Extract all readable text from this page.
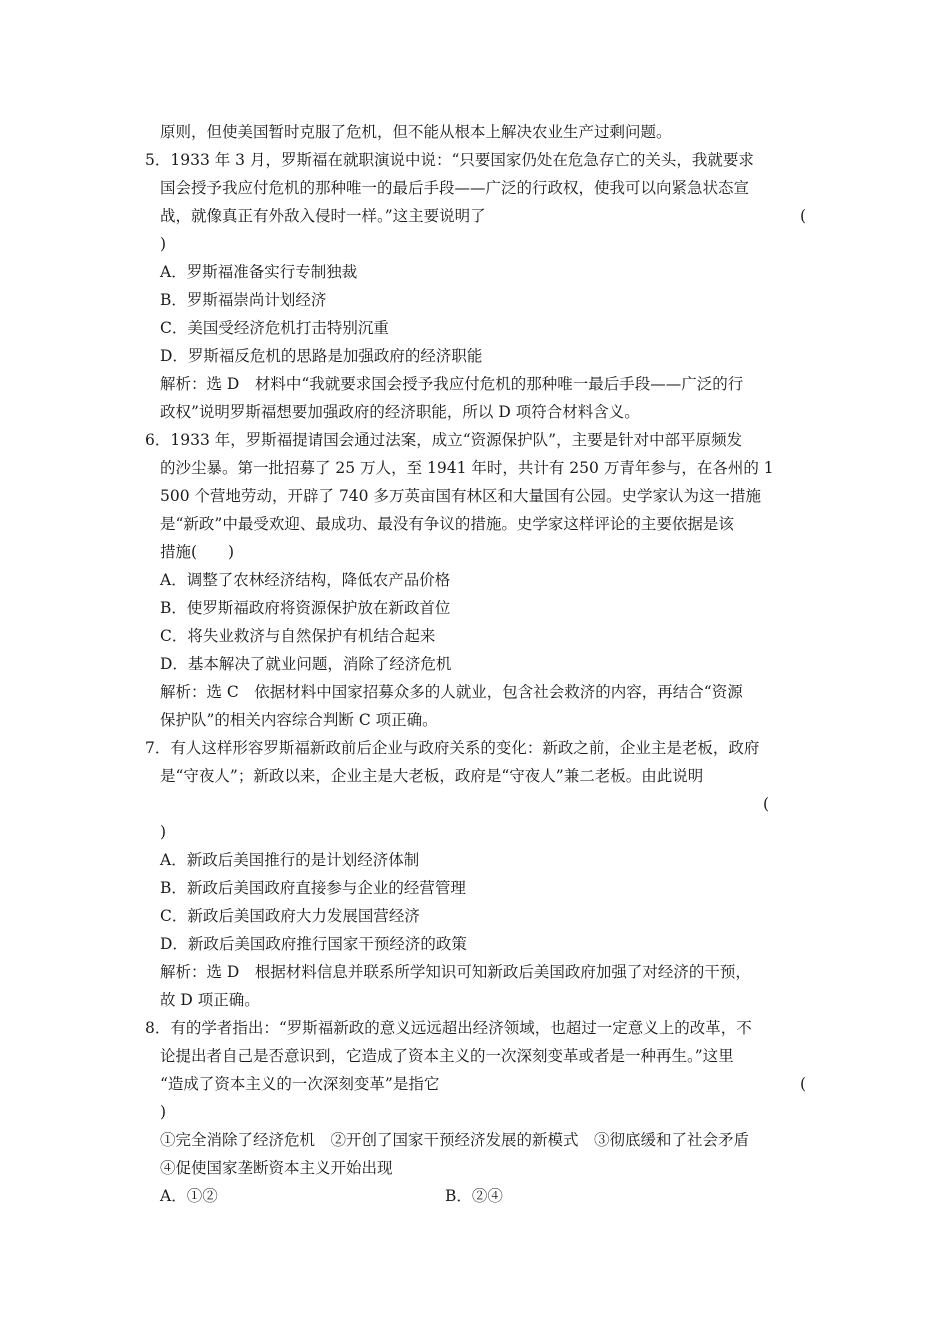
原则，但使美国暂时克服了危机，但不能从根本上解决农业生产过剩问题。
5．1933 年 3 月，罗斯福在就职演说中说：“只要国家仍处在危急存亡的关头，我就要求
国会授予我应付危机的那种唯一的最后手段——广泛的行政权，使我可以向紧急状态宣
战，就像真正有外敌入侵时一样。”这主要说明了	(
)
A．罗斯福准备实行专制独裁
B．罗斯福崇尚计划经济
C．美国受经济危机打击特别沉重
D．罗斯福反危机的思路是加强政府的经济职能
解析：选 D　材料中“我就要求国会授予我应付危机的那种唯一最后手段——广泛的行
政权”说明罗斯福想要加强政府的经济职能，所以 D 项符合材料含义。
6．1933 年，罗斯福提请国会通过法案，成立“资源保护队”，主要是针对中部平原频发
的沙尘暴。第一批招募了 25 万人，至 1941 年时，共计有 250 万青年参与，在各州的 1
500 个营地劳动，开辟了 740 多万英亩国有林区和大量国有公园。史学家认为这一措施
是“新政”中最受欢迎、最成功、最没有争议的措施。史学家这样评论的主要依据是该
措施(　　)
A．调整了农林经济结构，降低农产品价格
B．使罗斯福政府将资源保护放在新政首位
C．将失业救济与自然保护有机结合起来
D．基本解决了就业问题，消除了经济危机
解析：选 C　依据材料中国家招募众多的人就业，包含社会救济的内容，再结合“资源
保护队”的相关内容综合判断 C 项正确。
7．有人这样形容罗斯福新政前后企业与政府关系的变化：新政之前，企业主是老板，政府
是“守夜人”；新政以来，企业主是大老板，政府是“守夜人”兼二老板。由此说明
(
)
A．新政后美国推行的是计划经济体制
B．新政后美国政府直接参与企业的经营管理
C．新政后美国政府大力发展国营经济
D．新政后美国政府推行国家干预经济的政策
解析：选 D　根据材料信息并联系所学知识可知新政后美国政府加强了对经济的干预，
故 D 项正确。
8．有的学者指出：“罗斯福新政的意义远远超出经济领域，也超过一定意义上的改革，不
论提出者自己是否意识到，它造成了资本主义的一次深刻变革或者是一种再生。”这里
“造成了资本主义的一次深刻变革”是指它	(
)
①完全消除了经济危机　②开创了国家干预经济发展的新模式　③彻底缓和了社会矛盾
④促使国家垄断资本主义开始出现
A．①②	B．②④
